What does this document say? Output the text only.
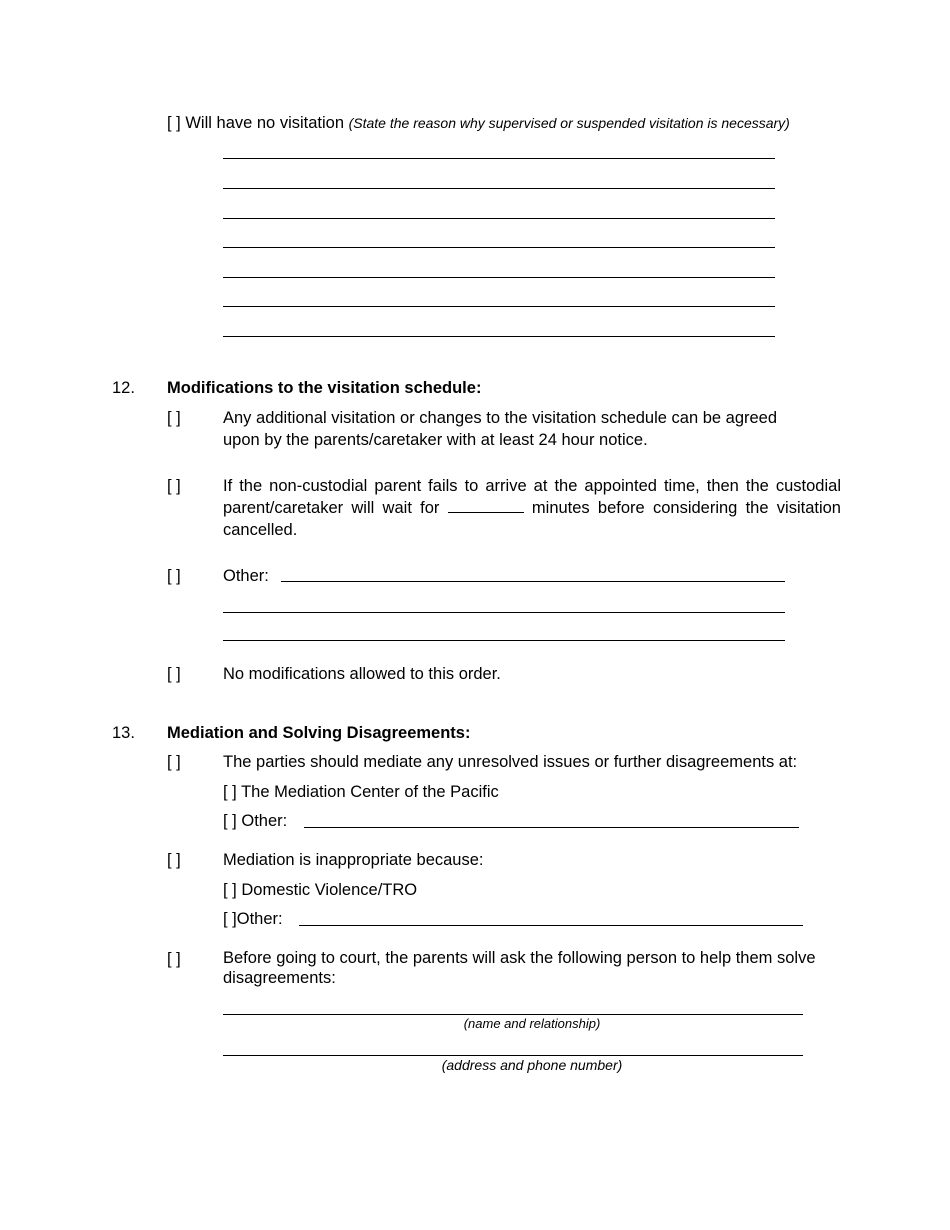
[ ] Will have no visitation (State the reason why supervised or suspended visitation is necessary)
12. Modifications to the visitation schedule:
[ ]	Any additional visitation or changes to the visitation schedule can be agreed upon by the parents/caretaker with at least 24 hour notice.
[ ]	If the non-custodial parent fails to arrive at the appointed time, then the custodial parent/caretaker will wait for	minutes before considering the visitation cancelled.
[ ]	Other:
[ ]	No modifications allowed to this order.
13. Mediation and Solving Disagreements:
[ ]	The parties should mediate any unresolved issues or further disagreements at:
[ ] The Mediation Center of the Pacific
[ ] Other:
[ ]	Mediation is inappropriate because:
[ ] Domestic Violence/TRO
[ ]Other:
[ ]	Before going to court, the parents will ask the following person to help them solve disagreements:
(name and relationship)
(address and phone number)
